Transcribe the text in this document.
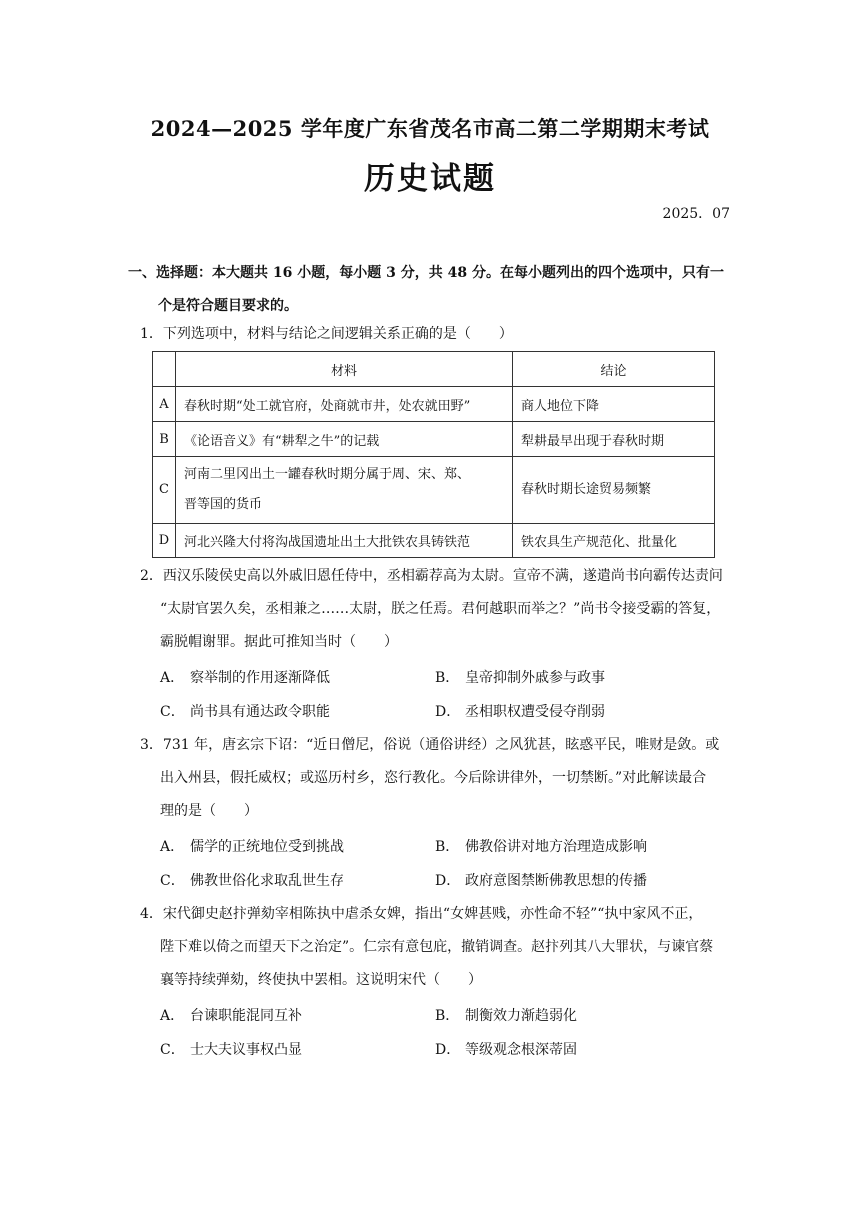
2024—2025 学年度广东省茂名市高二第二学期期末考试
历史试题
2025．07
一、选择题：本大题共 16 小题，每小题 3 分，共 48 分。在每小题列出的四个选项中，只有一
个是符合题目要求的。
1．下列选项中，材料与结论之间逻辑关系正确的是（　　）
	材料	结论
A	春秋时期“处工就官府，处商就市井，处农就田野”	商人地位下降
B	《论语音义》有“耕犁之牛”的记载	犁耕最早出现于春秋时期
C	河南二里冈出土一罐春秋时期分属于周、宋、郑、
晋等国的货币	春秋时期长途贸易频繁
D	河北兴隆大付将沟战国遗址出土大批铁农具铸铁范	铁农具生产规范化、批量化
2．西汉乐陵侯史高以外戚旧恩任侍中，丞相霸荐高为太尉。宣帝不满，遂遣尚书向霸传达责问
“太尉官罢久矣，丞相兼之……太尉，朕之任焉。君何越职而举之？”尚书令接受霸的答复，
霸脱帽谢罪。据此可推知当时（　　）
A． 察举制的作用逐渐降低	B． 皇帝抑制外戚参与政事
C． 尚书具有通达政令职能	D． 丞相职权遭受侵夺削弱
3．731 年，唐玄宗下诏：“近日僧尼，俗说（通俗讲经）之风犹甚，眩惑平民，唯财是敛。或
出入州县，假托威权；或巡历村乡，恣行教化。今后除讲律外，一切禁断。”对此解读最合
理的是（　　）
A． 儒学的正统地位受到挑战	B． 佛教俗讲对地方治理造成影响
C． 佛教世俗化求取乱世生存	D． 政府意图禁断佛教思想的传播
4．宋代御史赵抃弹劾宰相陈执中虐杀女婢，指出“女婢甚贱，亦性命不轻”“执中家风不正，
陛下难以倚之而望天下之治定”。仁宗有意包庇，撤销调查。赵抃列其八大罪状，与谏官蔡
襄等持续弹劾，终使执中罢相。这说明宋代（　　）
A． 台谏职能混同互补	B． 制衡效力渐趋弱化
C． 士大夫议事权凸显	D． 等级观念根深蒂固
